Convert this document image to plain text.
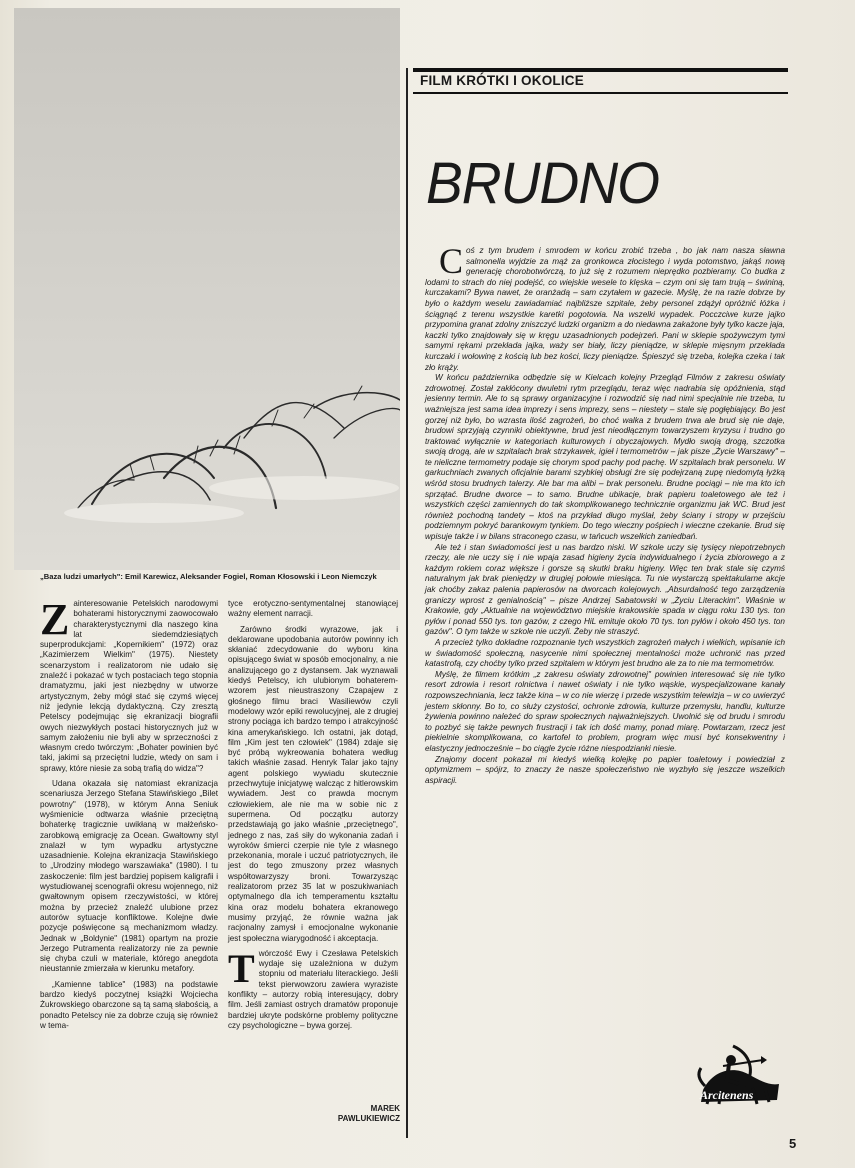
„Baza ludzi umarłych": Emil Karewicz, Aleksander Fogiel, Roman Kłosowski i Leon Niemczyk
FILM KRÓTKI I OKOLICE
BRUDNO

Coś z tym brudem i smrodem w końcu zrobić trzeba , bo jak nam nasza sławna salmonella wyjdzie za mąż za gronkowca złocistego i wyda potomstwo, jakąś nową generację chorobotwórczą, to już się z rozumem nieprędko pozbieramy. Co budka z lodami to strach do niej podejść, co wiejskie wesele to klęska – czym oni się tam trują – świniną, kurczakami? Bywa nawet, że oranżadą – sam czytałem w gazecie. Myślę, że na razie dobrze by było o każdym weselu zawiadamiać najbliższe szpitale, żeby personel zdążył opróżnić łóżka i ściągnąć z terenu wszystkie karetki pogotowia. Na wszelki wypadek. Pocczciwe kurze jajko przypomina granat zdolny zniszczyć ludzki organizm a do niedawna zakażone były tylko kacze jaja, kaczki tylko znajdowały się w kręgu uzasadnionych podejrzeń. Pani w sklepie spożywczym tymi samymi rękami przekłada jajka, waży ser biały, liczy pieniądze, w sklepie mięsnym przekłada kurczaki i wołowinę z kością lub bez kości, liczy pieniądze. Śpieszyć się trzeba, kolejka czeka i tak zło krąży.

W końcu października odbędzie się w Kielcach kolejny Przegląd Filmów z zakresu oświaty zdrowotnej. Został zakłócony dwuletni rytm przeglądu, teraz więc nadrabia się opóźnienia, stąd jesienny termin. Ale to są sprawy organizacyjne i rozwodzić się nad nimi specjalnie nie trzeba, tu ważniejsza jest sama idea imprezy i sens imprezy, sens – niestety – stale się pogłębiający. Bo jest gorzej niż było, bo wzrasta ilość zagrożeń, bo choć walka z brudem trwa ale brud się nie daje, brudowi sprzyjają czynniki obiektywne, brud jest nieodłącznym towarzyszem kryzysu i trudno go traktować wyłącznie w kategoriach kulturowych i obyczajowych. Mydło swoją drogą, szczotka swoją drogą, ale w szpitalach brak strzykawek, igieł i termometrów – jak pisze „Życie Warszawy" – te nieliczne termometry podaje się chorym spod pachy pod pachę. W szpitalach brak personelu. W garkuchniach zwanych oficjalnie barami szybkiej obsługi źre się podejrzaną zupę niedomytą łyżką wśród stosu brudnych talerzy. Ale bar ma alibi – brak personelu. Brudne pociągi – nie ma kto ich sprzątać. Brudne dworce – to samo. Brudne ubikacje, brak papieru toaletowego ale też i wszystkich części zamiennych do tak skomplikowanego technicznie organizmu jak WC. Brud jest również pochodną tandety – ktoś na przykład długo myślał, żeby ściany i stropy w przejściu podziemnym pokryć barankowym tynkiem. Do tego wieczny pośpiech i wieczne czekanie. Brud się wpisuje także i w bilans straconego czasu, w tańcuch wszelkich zaniedbań.

Ale też i stan świadomości jest u nas bardzo niski. W szkole uczy się tysięcy niepotrzebnych rzeczy, ale nie uczy się i nie wpaja zasad higieny życia indywidualnego i życia zbiorowego a z każdym rokiem coraz większe i gorsze są skutki braku higieny. Więc ten brak stale się czymś naturalnym jak brak pieniędzy w drugiej połowie miesiąca. Tu nie wystarczą spektakularne akcje jak choćby zakaz palenia papierosów na dworcach kolejowych. „Absurdalność tego zarządzenia graniczy wprost z genialnością" – pisze Andrzej Sabatowski w „Życiu Literackim". Właśnie w Krakowie, gdy „Aktualnie na województwo miejskie krakowskie spada w ciągu roku 130 tys. ton pyłów i ponad 550 tys. ton gazów, z czego HiL emituje około 70 tys. ton pyłów i około 450 tys. ton gazów". O tym także w szkole nie uczyli. Żeby nie straszyć.

A przecież tylko dokładne rozpoznanie tych wszystkich zagrożeń małych i wielkich, wpisanie ich w świadomość społeczną, nasycenie nimi społecznej mentalności może uchronić nas przed katastrofą, czy choćby tylko przed szpitalem w którym jest brudno ale za to nie ma termometrów.

Myślę, że filmem krótkim „z zakresu oświaty zdrowotnej" powinien interesować się nie tylko resort zdrowia i resort rolnictwa i nawet oświaty i nie tylko wąskie, wyspecjalizowane kanały rozpowszechniania, lecz także kina – w co nie wierzę i przede wszystkim telewizja – w co uwierzyć jestem skłonny. Bo to, co służy czystości, ochronie zdrowia, kulturze przemysłu, handlu, kulturze żywienia powinno należeć do spraw społecznych najważniejszych. Uwolnić się od brudu i smrodu to pozbyć się także pewnych frustracji i tak ich dość mamy, ponad miarę. Powtarzam, rzecz jest piekielnie skomplikowana, co kartofel to problem, program więc musi być konsekwentny i elastyczny jednocześnie – bo ciągle życie różne niespodzianki niesie.

Znajomy docent pokazał mi kiedyś wielką kolejkę po papier toaletowy i powiedział z optymizmem – spójrz, to znaczy że nasze społeczeństwo nie wyzbyło się jeszcze wszelkich aspiracji.

Zainteresowanie Petelskich narodowymi bohaterami historycznymi zaowocowało charakterystycznymi dla naszego kina lat siedemdziesiątych superprodukcjami: „Kopernikiem" (1972) oraz „Kazimierzem Wielkim" (1975). Niestety scenarzystom i realizatorom nie udało się znaleźć i pokazać w tych postaciach tego stopnia dramatyzmu, jaki jest niezbędny w utworze artystycznym, żeby mógł stać się czymś więcej niż jedynie lekcją dydaktyczną. Czy zresztą Petelscy podejmując się ekranizacji biografii owych niezwykłych postaci historycznych już w samym założeniu nie byli aby w sprzeczności z własnym credo twórczym: „Bohater powinien być taki, jakimi są przeciętni ludzie, wtedy on sam i sprawy, które niesie za sobą trafią do widza"?

Udana okazała się natomiast ekranizacja scenariusza Jerzego Stefana Stawińskiego „Bilet powrotny" (1978), w którym Anna Seniuk wyśmienicie odtwarza właśnie przeciętną bohaterkę tragicznie uwikłaną w małżeńsko-zarobkową emigrację za Ocean. Gwałtowny styl znalazł w tym wypadku artystyczne uzasadnienie. Kolejna ekranizacja Stawińskiego to „Urodziny młodego warszawiaka" (1980). I tu zaskoczenie: film jest bardziej popisem kaligrafii i wystudiowanej scenografii okresu wojennego, niż gwałtownym opisem rzeczywistości, w której można by przecież znaleźć ulubione przez autorów sytuacje konfliktowe. Kolejne dwie pozycje poświęcone są mechanizmom władzy. Jednak w „Boldynie" (1981) opartym na prozie Jerzego Putramenta realizatorzy nie za pewnie się chyba czuli w materiale, którego anegdota nieustannie zmierzała w kierunku metafory.

„Kamienne tablice" (1983) na podstawie bardzo kiedyś poczytnej książki Wojciecha Żukrowskiego obarczone są tą samą słabością, a ponadto Petelscy nie za dobrze czują się również w tema-

tyce erotyczno-sentymentalnej stanowiącej ważny element narracji.

Zarówno środki wyrazowe, jak i deklarowane upodobania autorów powinny ich skłaniać zdecydowanie do wyboru kina opisującego świat w sposób emocjonalny, a nie analizującego go z dystansem. Jak wyznawali kiedyś Petelscy, ich ulubionym bohaterem-wzorem jest nieustraszony Czapajew z głośnego filmu braci Wasiliewów czyli modelowy wzór epiki rewolucyjnej, ale z drugiej strony pociąga ich bardzo tempo i atrakcyjność kina amerykańskiego. Ich ostatni, jak dotąd, film „Kim jest ten człowiek" (1984) zdaje się być próbą wykreowania bohatera według takich właśnie zasad. Henryk Talar jako tajny agent polskiego wywiadu skutecznie przechwytuje inicjatywę walcząc z hitlerowskim wywiadem. Jest co prawda mocnym człowiekiem, ale nie ma w sobie nic z supermena. Od początku autorzy przedstawiają go jako właśnie „przeciętnego", jednego z nas, zaś siły do wykonania zadań i wyroków śmierci czerpie nie tyle z własnego przekonania, morale i uczuć patriotycznych, ile jest do tego zmuszony przez własnych współtowarzyszy broni. Towarzysząc realizatorom przez 35 lat w poszukiwaniach optymalnego dla ich temperamentu kształtu kina oraz modelu bohatera ekranowego musimy przyjąć, że równie ważna jak racjonalny zamysł i emocjonalne wykonanie jest społeczna wiarygodność i akceptacja.

Twórczość Ewy i Czesława Petelskich wydaje się uzależniona w dużym stopniu od materiału literackiego. Jeśli tekst pierwowzoru zawiera wyraziste konflikty – autorzy robią interesujący, dobry film. Jeśli zamiast ostrych dramatów proponuje bardziej ukryte podskórne problemy polityczne czy psychologiczne – bywa gorzej.

MAREK
PAWLUKIEWICZ
Arcitenens
5
